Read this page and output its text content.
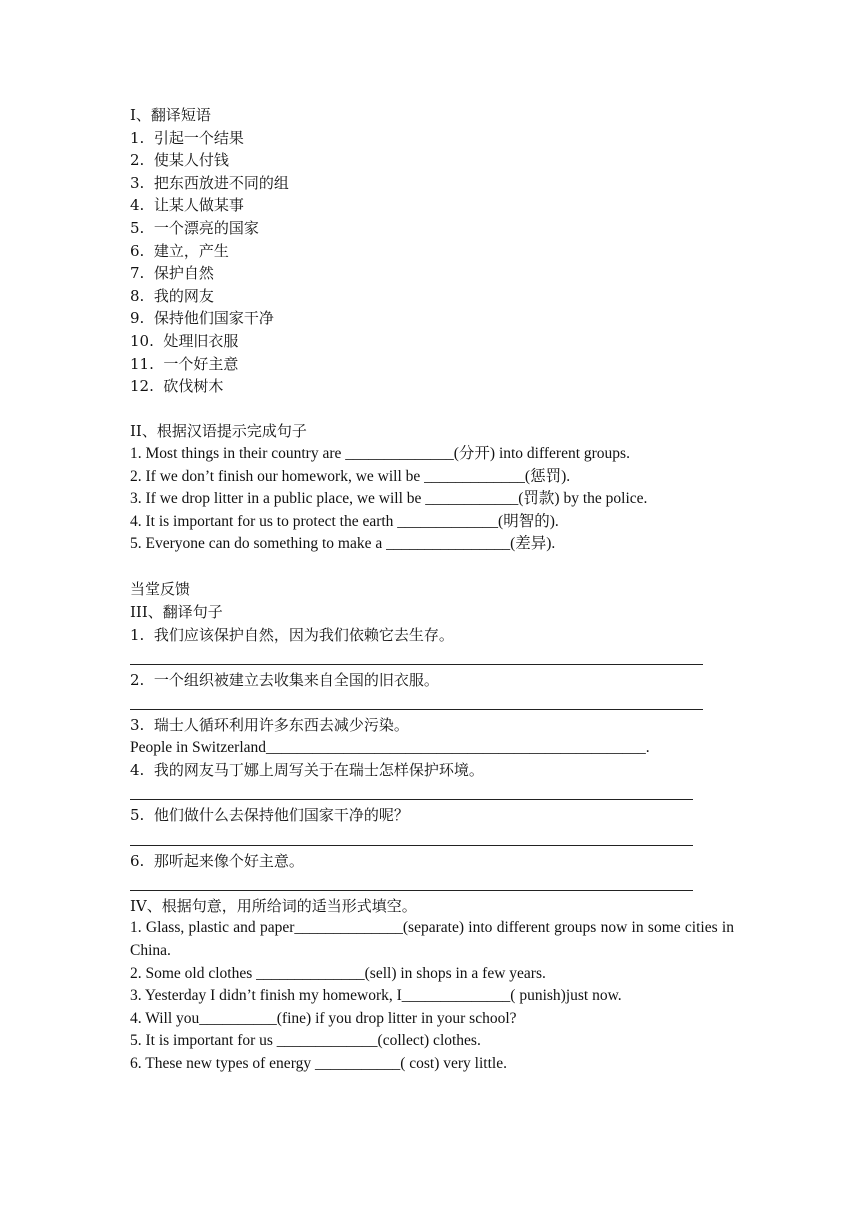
I、翻译短语
1.  引起一个结果
2.  使某人付钱
3.  把东西放进不同的组
4.  让某人做某事
5.  一个漂亮的国家
6.  建立，产生
7.  保护自然
8.  我的网友
9.  保持他们国家干净
10.  处理旧衣服
11.  一个好主意
12.  砍伐树木
II、根据汉语提示完成句子
1. Most things in their country are ______________(分开) into different groups.
2. If we don’t finish our homework, we will be _____________(惩罚).
3. If we drop litter in a public place, we will be ____________(罚款) by the police.
4. It is important for us to protect the earth _____________(明智的).
5. Everyone can do something to make a ________________(差异).
当堂反馈
III、翻译句子
1.  我们应该保护自然，因为我们依赖它去生存。
2.  一个组织被建立去收集来自全国的旧衣服。
3.  瑞士人循环利用许多东西去减少污染。
People in Switzerland_________________________________________________.
4.  我的网友马丁娜上周写关于在瑞士怎样保护环境。
5.  他们做什么去保持他们国家干净的呢？
6.  那听起来像个好主意。
IV、根据句意，用所给词的适当形式填空。
1. Glass, plastic and paper______________(separate) into different groups now in some cities in China.
2. Some old clothes ______________(sell) in shops in a few years.
3. Yesterday I didn’t finish my homework, I______________( punish)just now.
4. Will you__________(fine) if you drop litter in your school?
5. It is important for us _____________(collect) clothes.
6. These new types of energy ___________( cost) very little.
